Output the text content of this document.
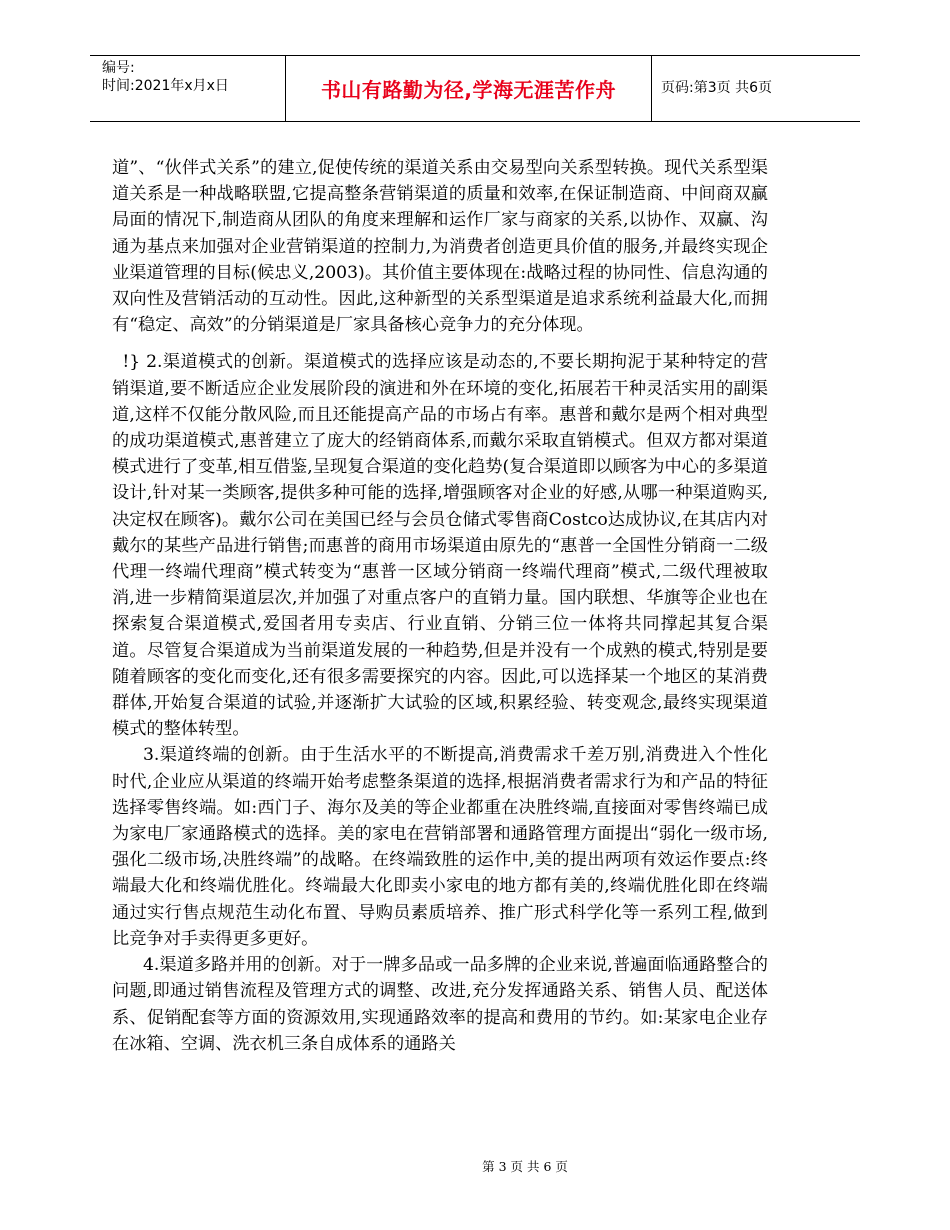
编号:
时间:2021年x月x日	书山有路勤为径,学海无涯苦作舟	页码:第3页 共6页

道”、“伙伴式关系”的建立,促使传统的渠道关系由交易型向关系型转换。现代关系型渠道关系是一种战略联盟,它提高整条营销渠道的质量和效率,在保证制造商、中间商双赢局面的情况下,制造商从团队的角度来理解和运作厂家与商家的关系,以协作、双赢、沟通为基点来加强对企业营销渠道的控制力,为消费者创造更具价值的服务,并最终实现企业渠道管理的目标(候忠义,2003)。其价值主要体现在:战略过程的协同性、信息沟通的双向性及营销活动的互动性。因此,这种新型的关系型渠道是追求系统利益最大化,而拥有“稳定、高效”的分销渠道是厂家具备核心竞争力的充分体现。

!} 2.渠道模式的创新。渠道模式的选择应该是动态的,不要长期拘泥于某种特定的营销渠道,要不断适应企业发展阶段的演进和外在环境的变化,拓展若干种灵活实用的副渠道,这样不仅能分散风险,而且还能提高产品的市场占有率。惠普和戴尔是两个相对典型的成功渠道模式,惠普建立了庞大的经销商体系,而戴尔采取直销模式。但双方都对渠道模式进行了变革,相互借鉴,呈现复合渠道的变化趋势(复合渠道即以顾客为中心的多渠道设计,针对某一类顾客,提供多种可能的选择,增强顾客对企业的好感,从哪一种渠道购买,决定权在顾客)。戴尔公司在美国已经与会员仓储式零售商Costco达成协议,在其店内对戴尔的某些产品进行销售;而惠普的商用市场渠道由原先的“惠普一全国性分销商一二级代理一终端代理商”模式转变为“惠普一区域分销商一终端代理商”模式,二级代理被取消,进一步精简渠道层次,并加强了对重点客户的直销力量。国内联想、华旗等企业也在探索复合渠道模式,爱国者用专卖店、行业直销、分销三位一体将共同撑起其复合渠道。尽管复合渠道成为当前渠道发展的一种趋势,但是并没有一个成熟的模式,特别是要随着顾客的变化而变化,还有很多需要探究的内容。因此,可以选择某一个地区的某消费群体,开始复合渠道的试验,并逐渐扩大试验的区域,积累经验、转变观念,最终实现渠道模式的整体转型。

3.渠道终端的创新。由于生活水平的不断提高,消费需求千差万别,消费进入个性化时代,企业应从渠道的终端开始考虑整条渠道的选择,根据消费者需求行为和产品的特征选择零售终端。如:西门子、海尔及美的等企业都重在决胜终端,直接面对零售终端已成为家电厂家通路模式的选择。美的家电在营销部署和通路管理方面提出“弱化一级市场,强化二级市场,决胜终端”的战略。在终端致胜的运作中,美的提出两项有效运作要点:终端最大化和终端优胜化。终端最大化即卖小家电的地方都有美的,终端优胜化即在终端通过实行售点规范生动化布置、导购员素质培养、推广形式科学化等一系列工程,做到比竞争对手卖得更多更好。

4.渠道多路并用的创新。对于一牌多品或一品多牌的企业来说,普遍面临通路整合的问题,即通过销售流程及管理方式的调整、改进,充分发挥通路关系、销售人员、配送体系、促销配套等方面的资源效用,实现通路效率的提高和费用的节约。如:某家电企业存在冰箱、空调、洗衣机三条自成体系的通路关

第 3 页 共 6 页
